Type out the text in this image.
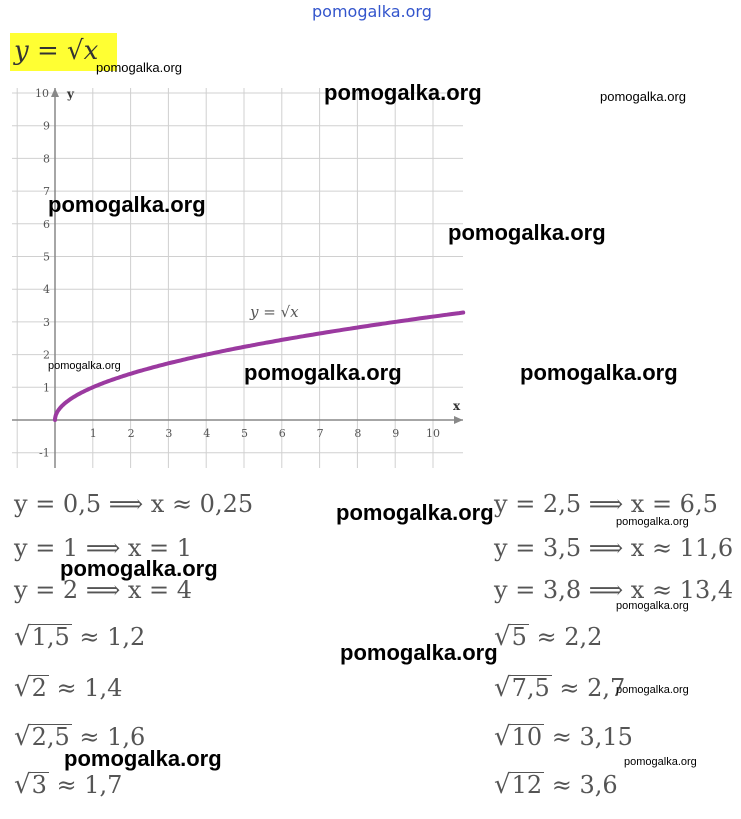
pomogalka.org
y = √x
x
y
1	2	3	4	5	6	7	8	9 10
-1
1
2
3
4
5
6
7
8
9
10
y = √x
y = 0,5 ⟹ x ≈ 0,25
y = 1 ⟹ x = 1
y = 2 ⟹ x = 4
y = 2,5 ⟹ x = 6,5
y = 3,5 ⟹ x ≈ 11,6
y = 3,8 ⟹ x ≈ 13,4
√1,5 ≈ 1,2
√2 ≈ 1,4
√2,5 ≈ 1,6
√3 ≈ 1,7
√5 ≈ 2,2
√7,5 ≈ 2,7
√10 ≈ 3,15
√12 ≈ 3,6
pomogalka.org
pomogalka.org	pomogalka.org
pomogalka.org
pomogalka.org
pomogalka.org	pomogalka.org	pomogalka.org
pomogalka.org	pomogalka.org
pomogalka.org
pomogalka.org
pomogalka.org
pomogalka.org
pomogalka.org	pomogalka.org
